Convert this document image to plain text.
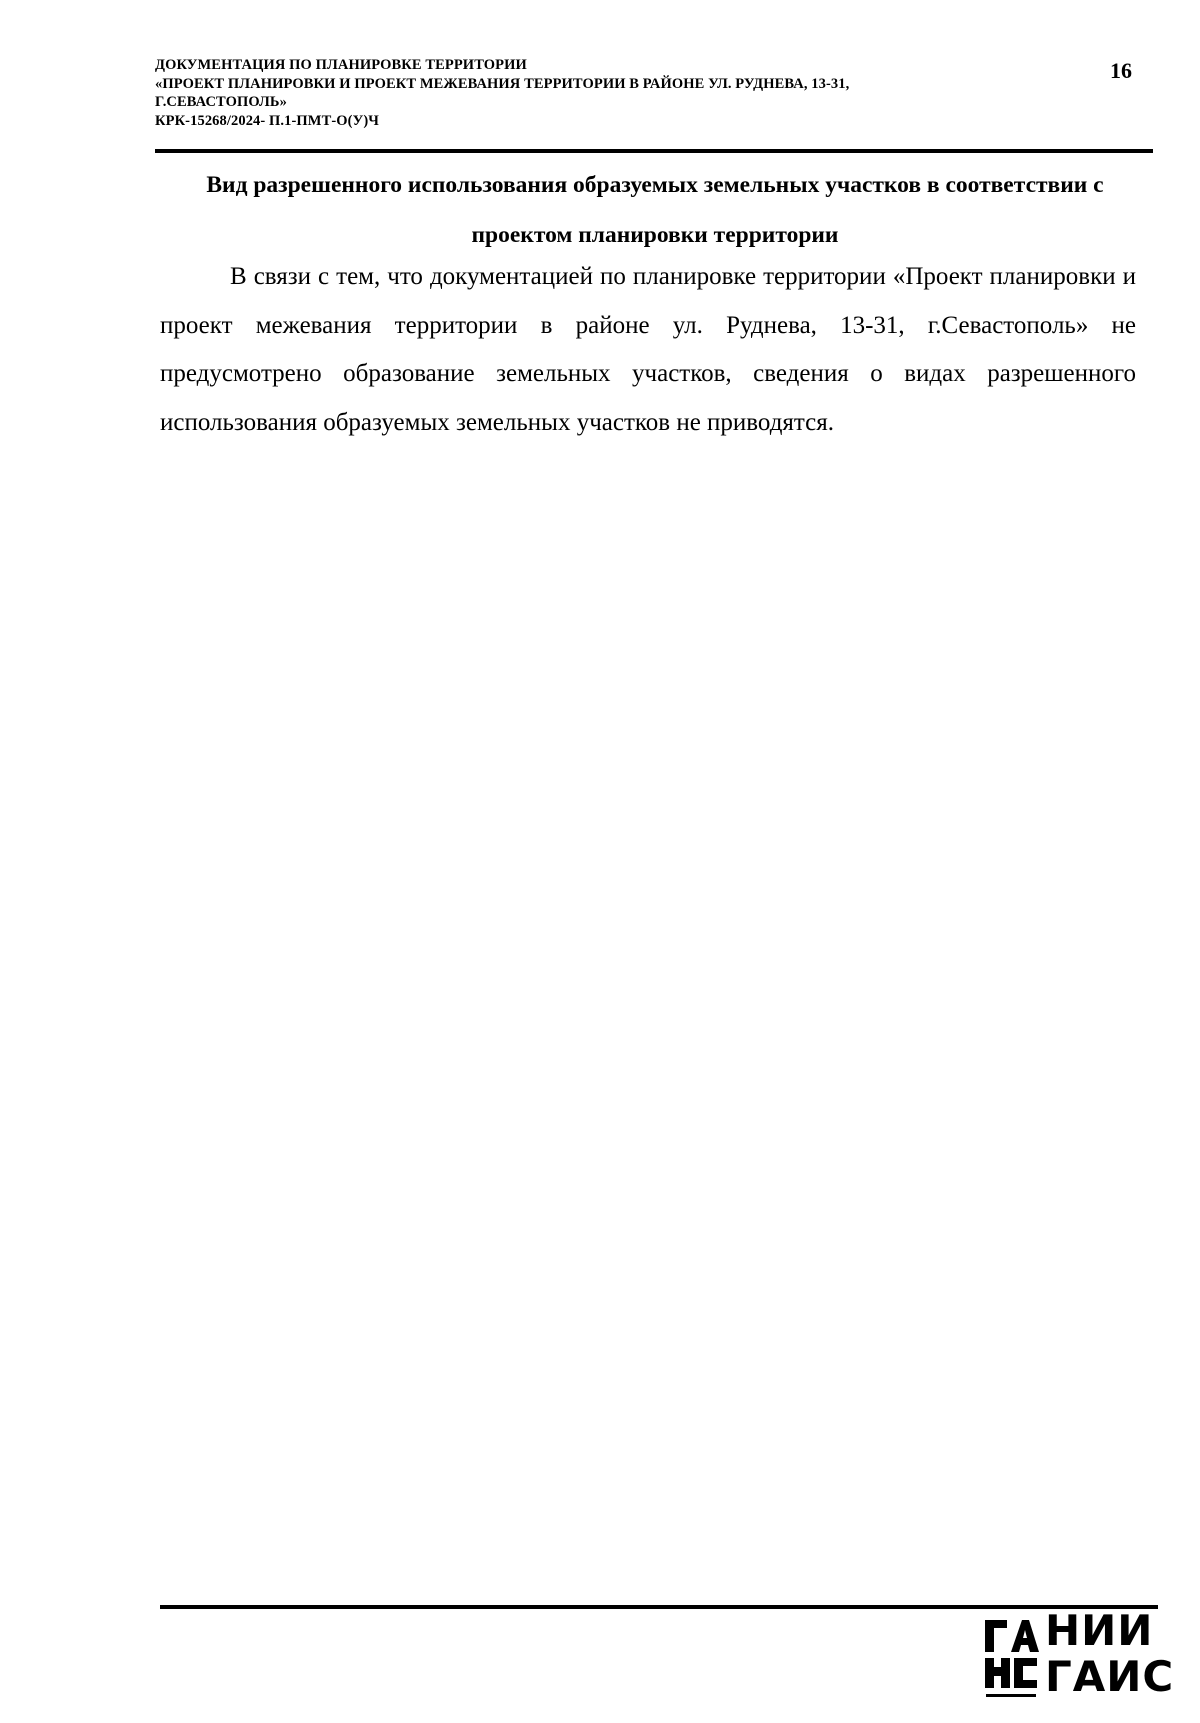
ДОКУМЕНТАЦИЯ ПО ПЛАНИРОВКЕ ТЕРРИТОРИИ
«ПРОЕКТ ПЛАНИРОВКИ И ПРОЕКТ МЕЖЕВАНИЯ ТЕРРИТОРИИ В РАЙОНЕ УЛ. РУДНЕВА, 13-31,
Г.СЕВАСТОПОЛЬ»
КРК-15268/2024- П.1-ПМТ-О(У)Ч
16
Вид разрешенного использования образуемых земельных участков в соответствии с проектом планировки территории

В связи с тем, что документацией по планировке территории «Проект планировки и проект межевания территории в районе ул. Руднева, 13-31, г.Севастополь» не предусмотрено образование земельных участков, сведения о видах разрешенного использования образуемых земельных участков не приводятся.

НИИ
ГАИС
